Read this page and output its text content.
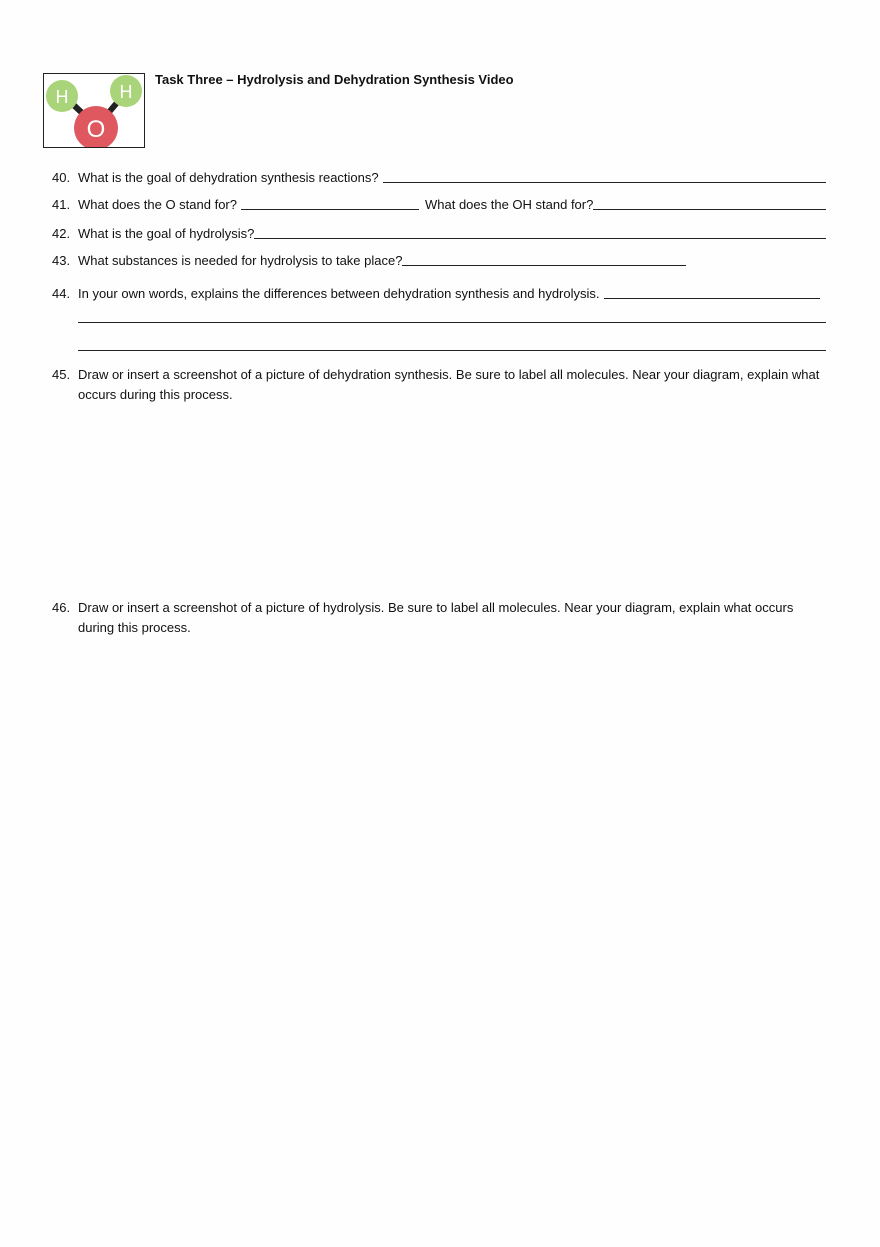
H	H
O
Task Three – Hydrolysis and Dehydration Synthesis Video
40. What is the goal of dehydration synthesis reactions?
41. What does the O stand for?	What does the OH stand for?
42. What is the goal of hydrolysis?
43. What substances is needed for hydrolysis to take place?
44. In your own words, explains the differences between dehydration synthesis and hydrolysis.
45. Draw or insert a screenshot of a picture of dehydration synthesis. Be sure to label all molecules. Near your diagram, explain what occurs during this process.
46. Draw or insert a screenshot of a picture of hydrolysis. Be sure to label all molecules. Near your diagram, explain what occurs during this process.
